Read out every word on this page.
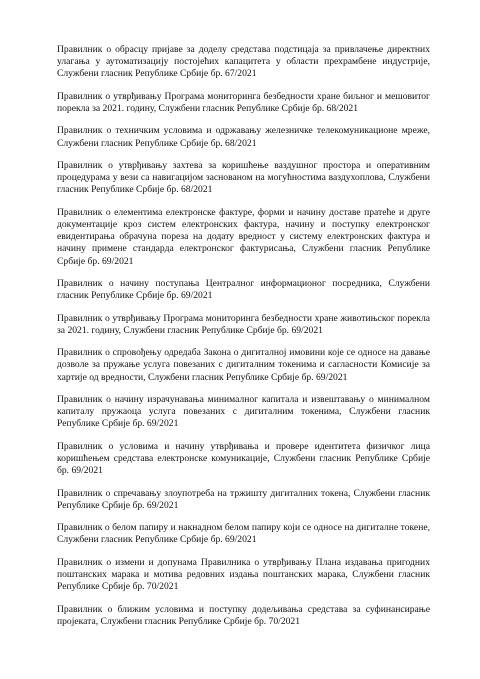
Правилник о обрасцу пријаве за доделу средстава подстицаја за привлачење директних улагања у аутоматизацију постојећих капацитета у области прехрамбене индустрије, Службени гласник Републике Србије бр. 67/2021

Правилник о утврђивању Програма мониторинга безбедности хране биљног и мешовитог порекла за 2021. годину, Службени гласник Републике Србије бр. 68/2021

Правилник о техничким условима и одржавању железничке телекомуникационе мреже, Службени гласник Републике Србије бр. 68/2021

Правилник о утврђивању захтева за коришћење ваздушног простора и оперативним процедурама у вези са навигацијом заснованом на могућностима ваздухоплова, Службени гласник Републике Србије бр. 68/2021

Правилник о елементима електронске фактуре, форми и начину доставе пратеће и друге документације кроз систем електронских фактура, начину и поступку електронског евидентирања обрачуна пореза на додату вредност у систему електронских фактура и начину примене стандарда електронског фактурисања, Службени гласник Републике Србије бр. 69/2021

Правилник о начину поступања Централног информационог посредника, Службени гласник Републике Србије бр. 69/2021

Правилник о утврђивању Програма мониторинга безбедности хране животињског порекла за 2021. годину, Службени гласник Републике Србије бр. 69/2021

Правилник о спровођењу одредаба Закона о дигиталној имовини које се односе на давање дозволе за пружање услуга повезаних с дигиталним токенима и сагласности Комисије за хартије од вредности, Службени гласник Републике Србије бр. 69/2021

Правилник о начину израчунавања минималног капитала и извештавању о минималном капиталу пружаоца услуга повезаних с дигиталним токенима, Службени гласник Републике Србије бр. 69/2021

Правилник о условима и начину утврђивања и провере идентитета физичког лица коришћењем средстава електронске комуникације, Службени гласник Републике Србије бр. 69/2021

Правилник о спречавању злоупотреба на тржишту дигиталних токена, Службени гласник Републике Србије бр. 69/2021

Правилник о белом папиру и накнадном белом папиру који се односе на дигиталне токене, Службени гласник Републике Србије бр. 69/2021

Правилник о измени и допунама Правилника о утврђивању Плана издавања пригодних поштанских марака и мотива редовних издања поштанских марака, Службени гласник Републике Србије бр. 70/2021

Правилник о ближим условима и поступку додељивања средстава за суфинансирање пројеката, Службени гласник Републике Србије бр. 70/2021
